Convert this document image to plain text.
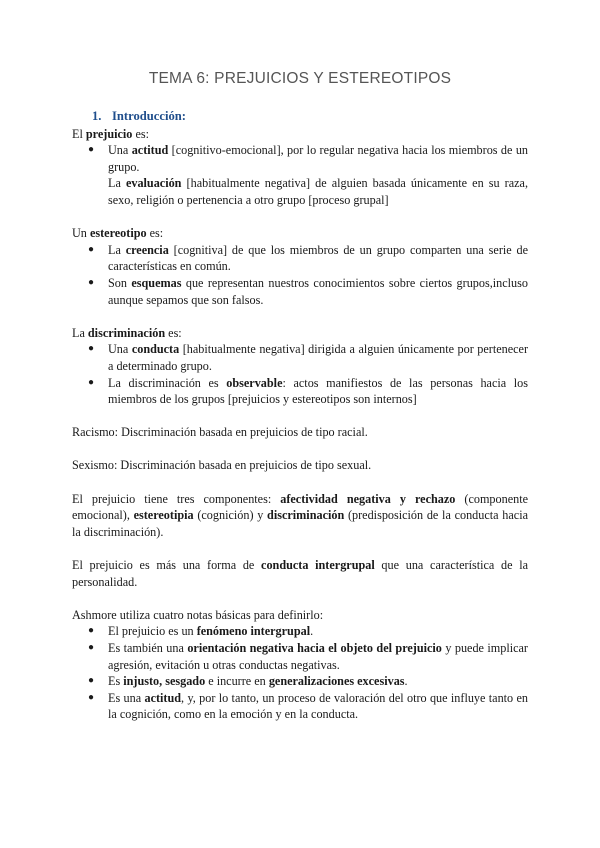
TEMA 6: PREJUICIOS Y ESTEREOTIPOS
1. Introducción:

El prejuicio es:

● Una actitud [cognitivo-emocional], por lo regular negativa hacia los miembros de un grupo.
La evaluación [habitualmente negativa] de alguien basada únicamente en su raza, sexo, religión o pertenencia a otro grupo [proceso grupal]

Un estereotipo es:

● La creencia [cognitiva] de que los miembros de un grupo comparten una serie de características en común.
● Son esquemas que representan nuestros conocimientos sobre ciertos grupos,incluso aunque sepamos que son falsos.

La discriminación es:

● Una conducta [habitualmente negativa] dirigida a alguien únicamente por pertenecer a determinado grupo.
● La discriminación es observable: actos manifiestos de las personas hacia los miembros de los grupos [prejuicios y estereotipos son internos]

Racismo: Discriminación basada en prejuicios de tipo racial.

Sexismo: Discriminación basada en prejuicios de tipo sexual.

El prejuicio tiene tres componentes: afectividad negativa y rechazo (componente emocional), estereotipia (cognición) y discriminación (predisposición de la conducta hacia la discriminación).

El prejuicio es más una forma de conducta intergrupal que una característica de la personalidad.

Ashmore utiliza cuatro notas básicas para definirlo:

● El prejuicio es un fenómeno intergrupal.
● Es también una orientación negativa hacia el objeto del prejuicio y puede implicar agresión, evitación u otras conductas negativas.
● Es injusto, sesgado e incurre en generalizaciones excesivas.
● Es una actitud, y, por lo tanto, un proceso de valoración del otro que influye tanto en la cognición, como en la emoción y en la conducta.
